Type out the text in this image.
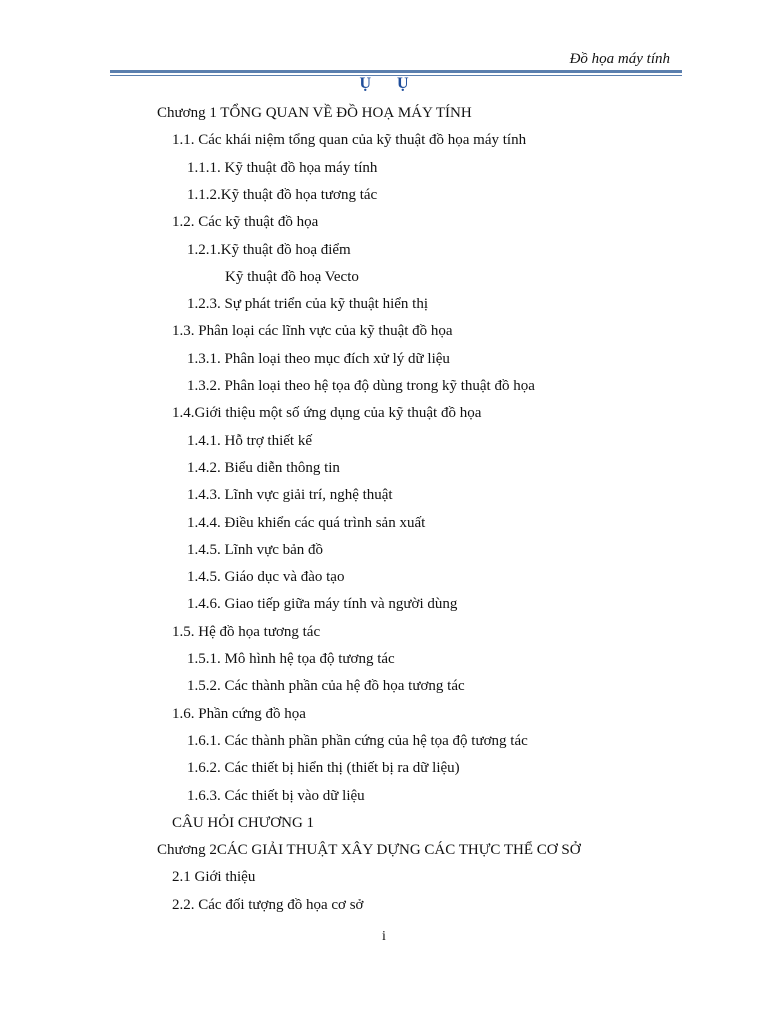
Đồ họa máy tính
Ụ Ụ
Chương 1 TỔNG QUAN VỀ ĐỒ HOẠ MÁY TÍNH
1.1. Các khái niệm tổng quan của kỹ thuật đồ họa máy tính
1.1.1. Kỹ thuật đồ họa máy tính
1.1.2.Kỹ thuật đồ họa tương tác
1.2. Các kỹ thuật đồ họa
1.2.1.Kỹ thuật đồ hoạ điểm
Kỹ thuật đồ hoạ Vecto
1.2.3. Sự phát triển của kỹ thuật hiển thị
1.3. Phân loại các lĩnh vực của kỹ thuật đồ họa
1.3.1. Phân loại theo mục đích xử lý dữ liệu
1.3.2. Phân loại theo hệ tọa độ dùng trong kỹ thuật đồ họa
1.4.Giới thiệu một số ứng dụng của kỹ thuật đồ họa
1.4.1. Hỗ trợ thiết kế
1.4.2. Biểu diễn thông tin
1.4.3. Lĩnh vực giải trí, nghệ thuật
1.4.4. Điều khiển các quá trình sản xuất
1.4.5. Lĩnh vực bản đồ
1.4.5. Giáo dục và đào tạo
1.4.6. Giao tiếp giữa máy tính và người dùng
1.5. Hệ đồ họa tương tác
1.5.1. Mô hình hệ tọa độ tương tác
1.5.2. Các thành phần của hệ đồ họa tương tác
1.6. Phần cứng đồ họa
1.6.1. Các thành phần phần cứng của hệ tọa độ tương tác
1.6.2. Các thiết bị hiển thị (thiết bị ra dữ liệu)
1.6.3. Các thiết bị vào dữ liệu
CÂU HỎI CHƯƠNG 1
Chương 2CÁC GIẢI THUẬT XÂY DỰNG CÁC THỰC THỂ CƠ SỞ
2.1 Giới thiệu
2.2. Các đối tượng đồ họa cơ sở
i
